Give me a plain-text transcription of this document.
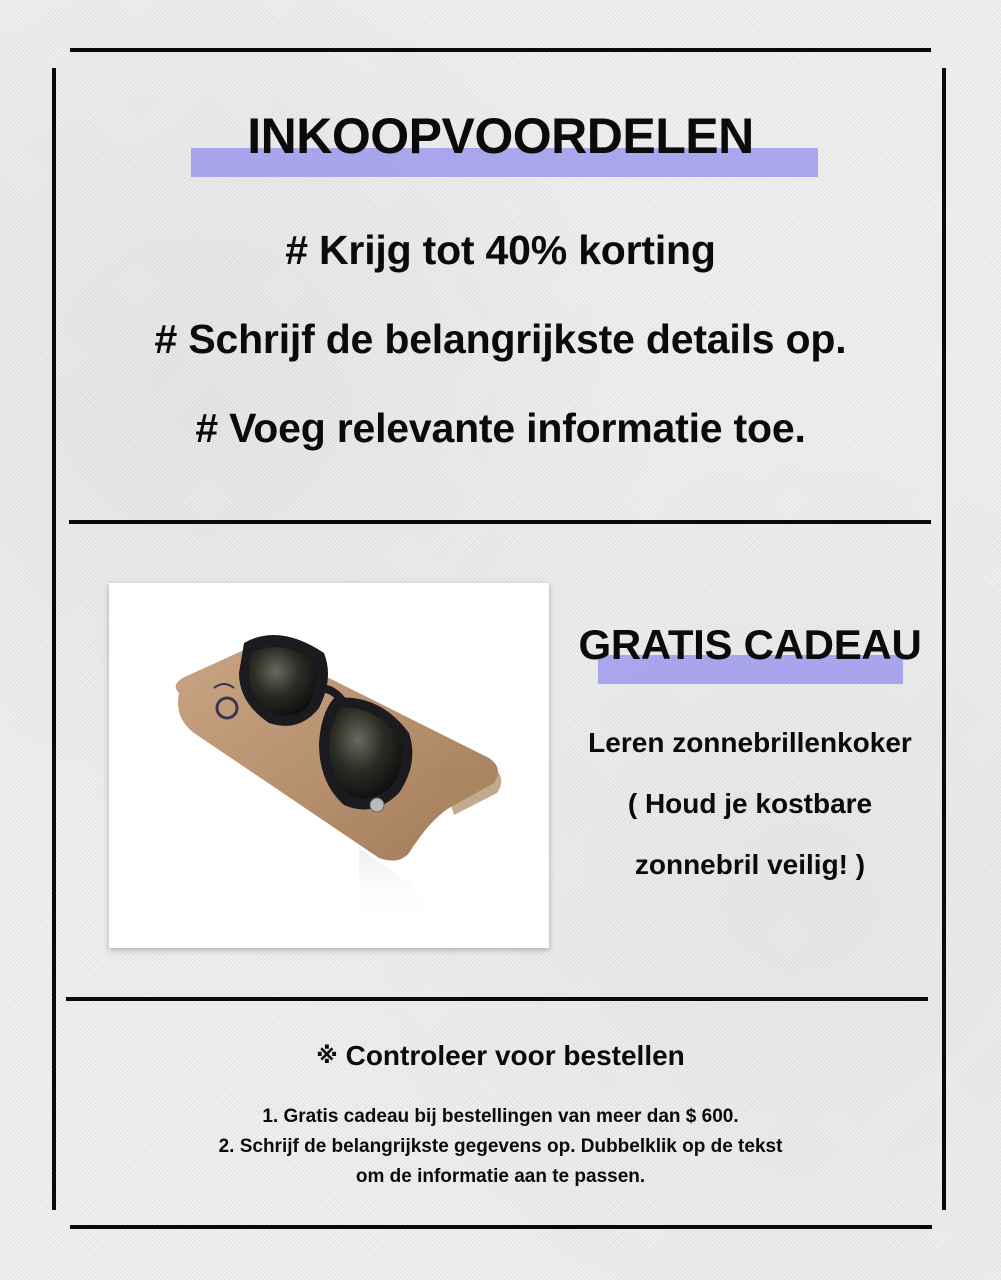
INKOOPVOORDELEN
# Krijg tot 40% korting
# Schrijf de belangrijkste details op.
# Voeg relevante informatie toe.
GRATIS CADEAU
Leren zonnebrillenkoker
( Houd je kostbare
zonnebril veilig! )
※ Controleer voor bestellen
1. Gratis cadeau bij bestellingen van meer dan $ 600.
2. Schrijf de belangrijkste gegevens op. Dubbelklik op de tekst
om de informatie aan te passen.
